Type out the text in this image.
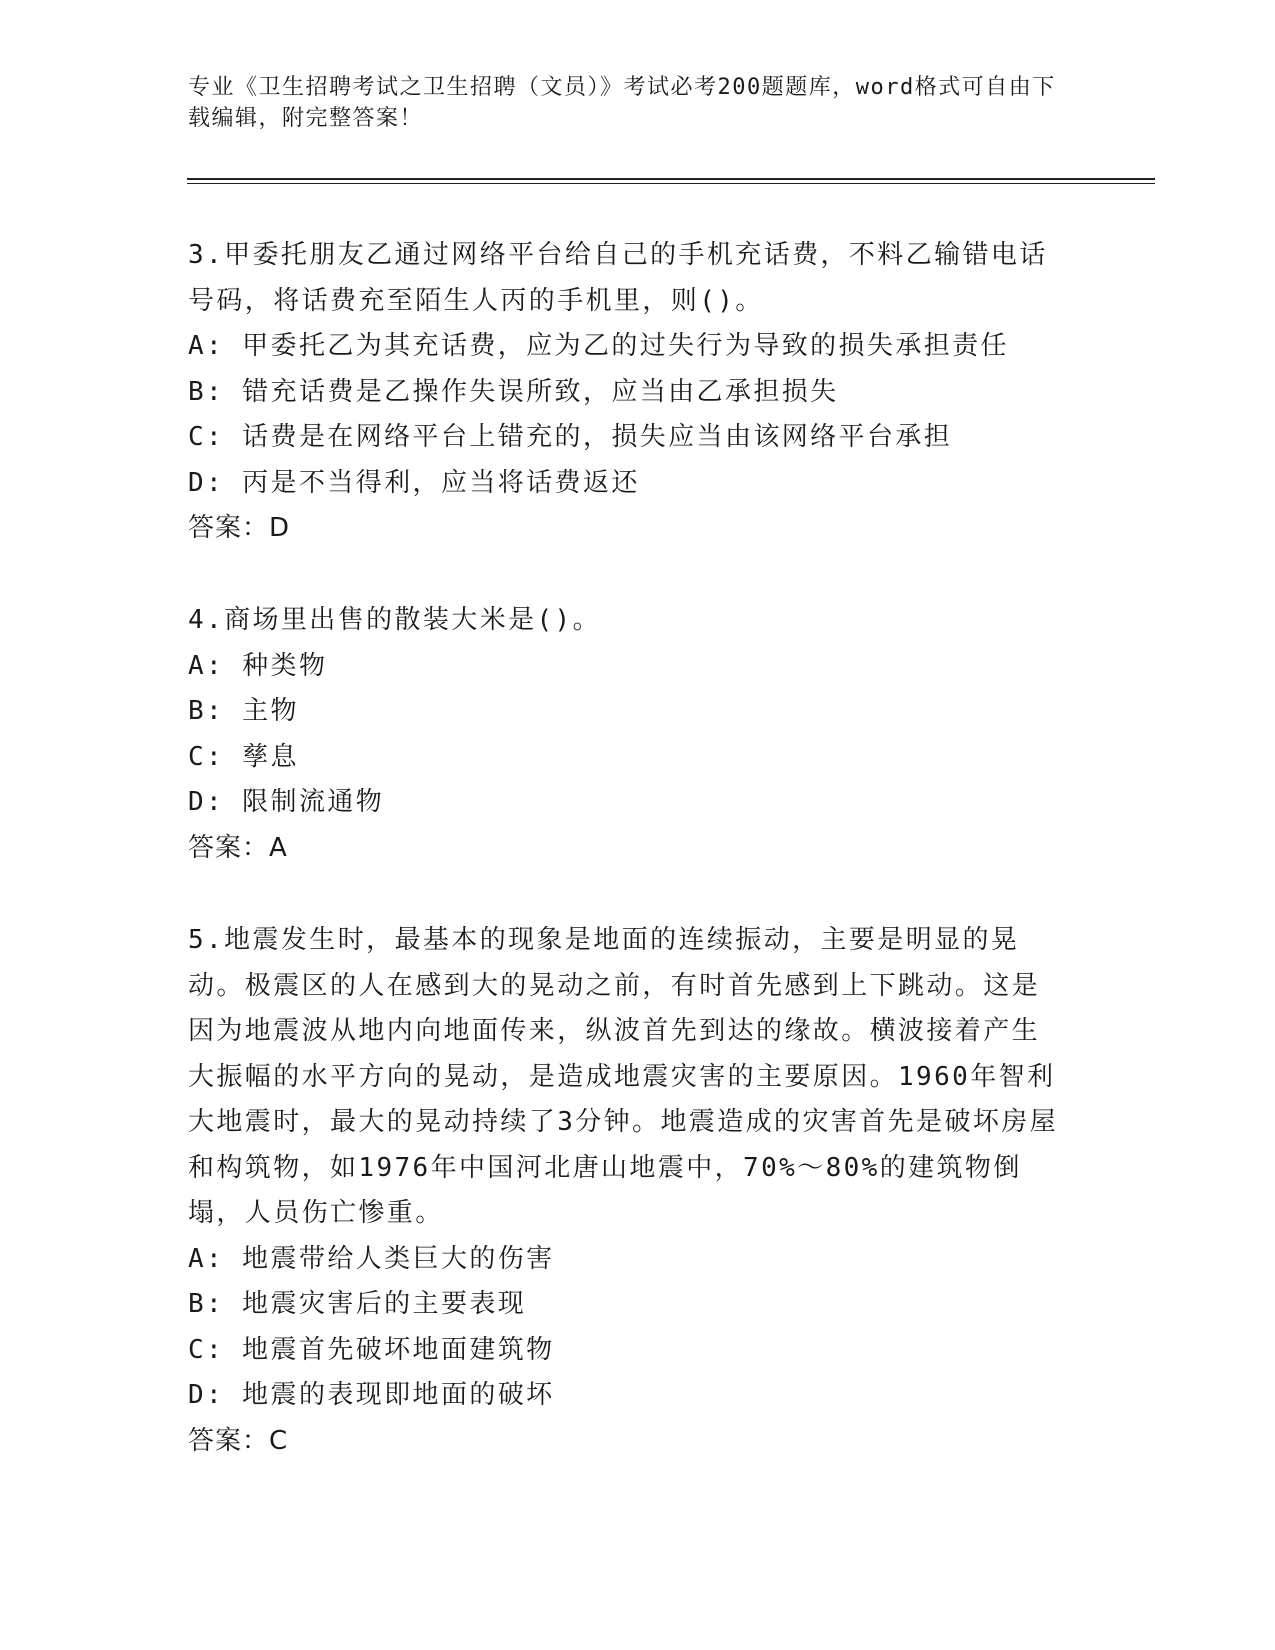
专业《卫生招聘考试之卫生招聘（文员）》考试必考200题题库，word格式可自由下载编辑，附完整答案！

3.甲委托朋友乙通过网络平台给自己的手机充话费，不料乙输错电话号码，将话费充至陌生人丙的手机里，则()。

A: 甲委托乙为其充话费，应为乙的过失行为导致的损失承担责任

B: 错充话费是乙操作失误所致，应当由乙承担损失

C: 话费是在网络平台上错充的，损失应当由该网络平台承担

D: 丙是不当得利，应当将话费返还

答案：D

4.商场里出售的散装大米是()。

A: 种类物

B: 主物

C: 孳息

D: 限制流通物

答案：A

5.地震发生时，最基本的现象是地面的连续振动，主要是明显的晃动。极震区的人在感到大的晃动之前，有时首先感到上下跳动。这是因为地震波从地内向地面传来，纵波首先到达的缘故。横波接着产生大振幅的水平方向的晃动，是造成地震灾害的主要原因。1960年智利大地震时，最大的晃动持续了3分钟。地震造成的灾害首先是破坏房屋和构筑物，如1976年中国河北唐山地震中，70%～80%的建筑物倒塌，人员伤亡惨重。

A: 地震带给人类巨大的伤害

B: 地震灾害后的主要表现

C: 地震首先破坏地面建筑物

D: 地震的表现即地面的破坏

答案：C
